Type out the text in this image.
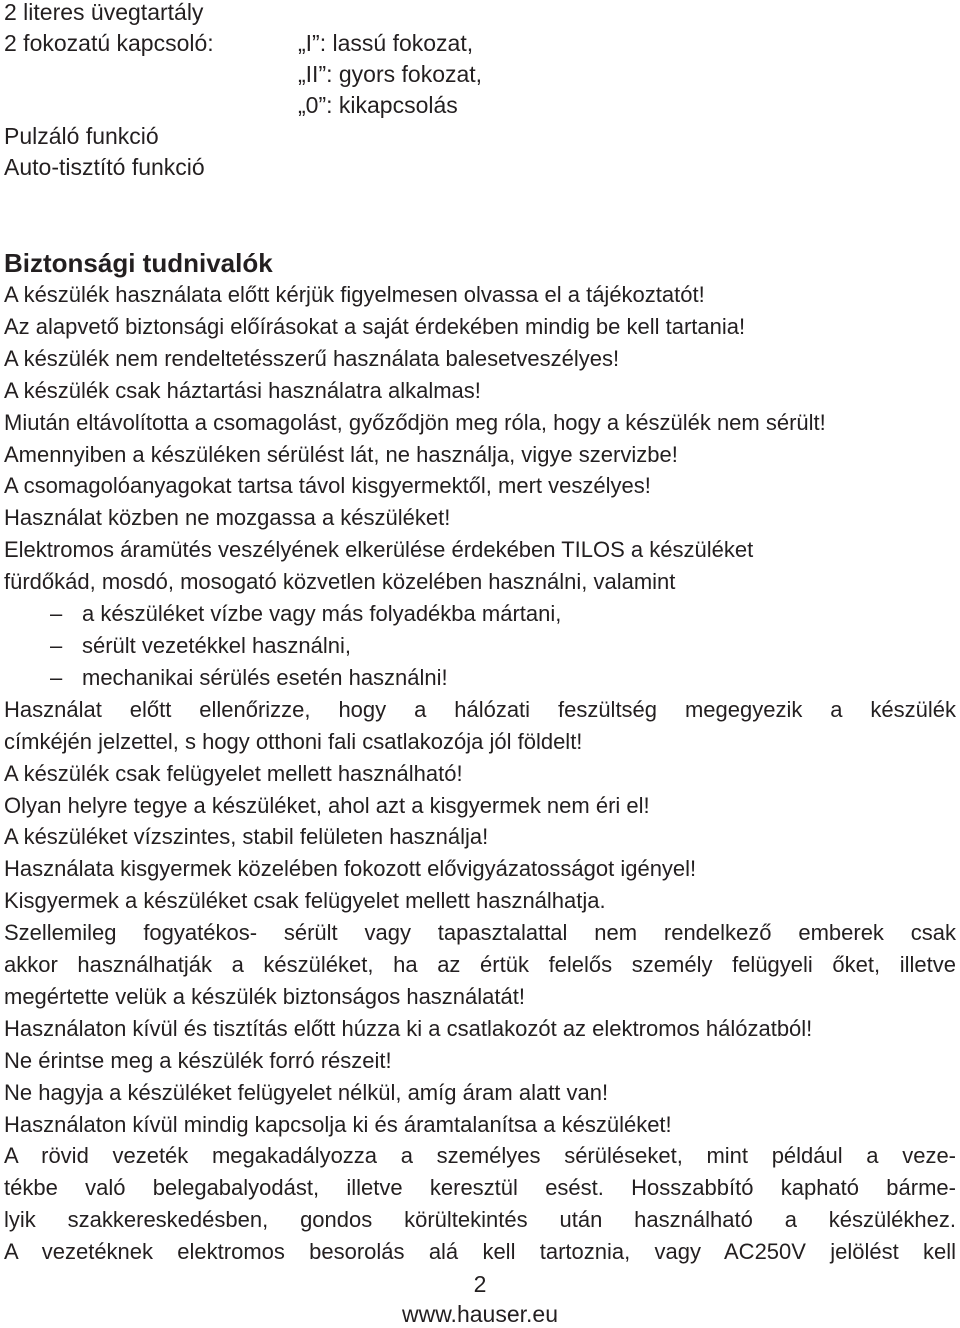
2 literes üvegtartály
2 fokozatú kapcsoló:	„I”: lassú fokozat,
„II”: gyors fokozat,
„0”: kikapcsolás
Pulzáló funkció
Auto-tisztító funkció
Biztonsági tudnivalók
A készülék használata előtt kérjük figyelmesen olvassa el a tájékoztatót!
Az alapvető biztonsági előírásokat a saját érdekében mindig be kell tartania!
A készülék nem rendeltetésszerű használata balesetveszélyes!
A készülék csak háztartási használatra alkalmas!
Miután eltávolította a csomagolást, győződjön meg róla, hogy a készülék nem sérült!
Amennyiben a készüléken sérülést lát, ne használja, vigye szervizbe!
A csomagolóanyagokat tartsa távol kisgyermektől, mert veszélyes!
Használat közben ne mozgassa a készüléket!
Elektromos áramütés veszélyének elkerülése érdekében TILOS a készüléket
fürdőkád, mosdó, mosogató közvetlen közelében használni, valamint
– a készüléket vízbe vagy más folyadékba mártani,
– sérült vezetékkel használni,
– mechanikai sérülés esetén használni!
Használat előtt ellenőrizze, hogy a hálózati feszültség megegyezik a készülék
címkéjén jelzettel, s hogy otthoni fali csatlakozója jól földelt!
A készülék csak felügyelet mellett használható!
Olyan helyre tegye a készüléket, ahol azt a kisgyermek nem éri el!
A készüléket vízszintes, stabil felületen használja!
Használata kisgyermek közelében fokozott elővigyázatosságot igényel!
Kisgyermek a készüléket csak felügyelet mellett használhatja.
Szellemileg fogyatékos- sérült vagy tapasztalattal nem rendelkező emberek csak
akkor használhatják a készüléket, ha az értük felelős személy felügyeli őket, illetve
megértette velük a készülék biztonságos használatát!
Használaton kívül és tisztítás előtt húzza ki a csatlakozót az elektromos hálózatból!
Ne érintse meg a készülék forró részeit!
Ne hagyja a készüléket felügyelet nélkül, amíg áram alatt van!
Használaton kívül mindig kapcsolja ki és áramtalanítsa a készüléket!
A rövid vezeték megakadályozza a személyes sérüléseket, mint például a veze-
tékbe való belegabalyodást, illetve keresztül esést. Hosszabbító kapható bárme-
lyik szakkereskedésben, gondos körültekintés után használható a készülékhez.
A vezetéknek elektromos besorolás alá kell tartoznia, vagy AC250V jelölést kell
2
www.hauser.eu
